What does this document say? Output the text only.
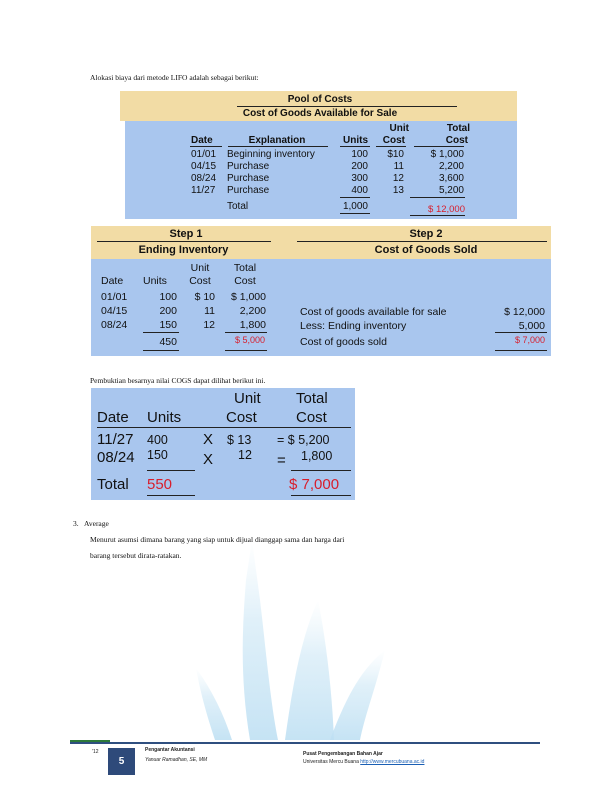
Alokasi biaya dari metode LIFO adalah sebagai berikut:
Pool of Costs
Cost of Goods Available for Sale
Unit	Total
Date	Explanation	Units	Cost	Cost
01/01 Beginning inventory	100	$10	$ 1,000
04/15 Purchase	200	11	2,200
08/24 Purchase	300	12	3,600
11/27 Purchase	400	13	5,200
Total	1,000	$ 12,000
Step 1
Ending Inventory
Step 2
Cost of Goods Sold
Unit	Total
Date Units	Cost	Cost
01/01	100	$ 10	$ 1,000
04/15	200	11	2,200
08/24	150	12	1,800
450	$ 5,000
Cost of goods available for sale	$ 12,000
Less: Ending inventory	5,000
Cost of goods sold	$ 7,000
Pembuktian besarnya nilai COGS dapat dilihat berikut ini.
Unit	Total
Date Units	Cost	Cost
11/27 400 X $ 13 = $ 5,200
08/24 150 X 12 = 1,800
Total 550	$ 7,000
3. Average
Menurut asumsi dimana barang yang siap untuk dijual dianggap sama dan harga dari
barang tersebut dirata-ratakan.
'12
5
Pengantar Akuntansi
Yanuar Ramadhan, SE, MM
Pusat Pengembangan Bahan Ajar
Universitas Mercu Buana http://www.mercubuana.ac.id
